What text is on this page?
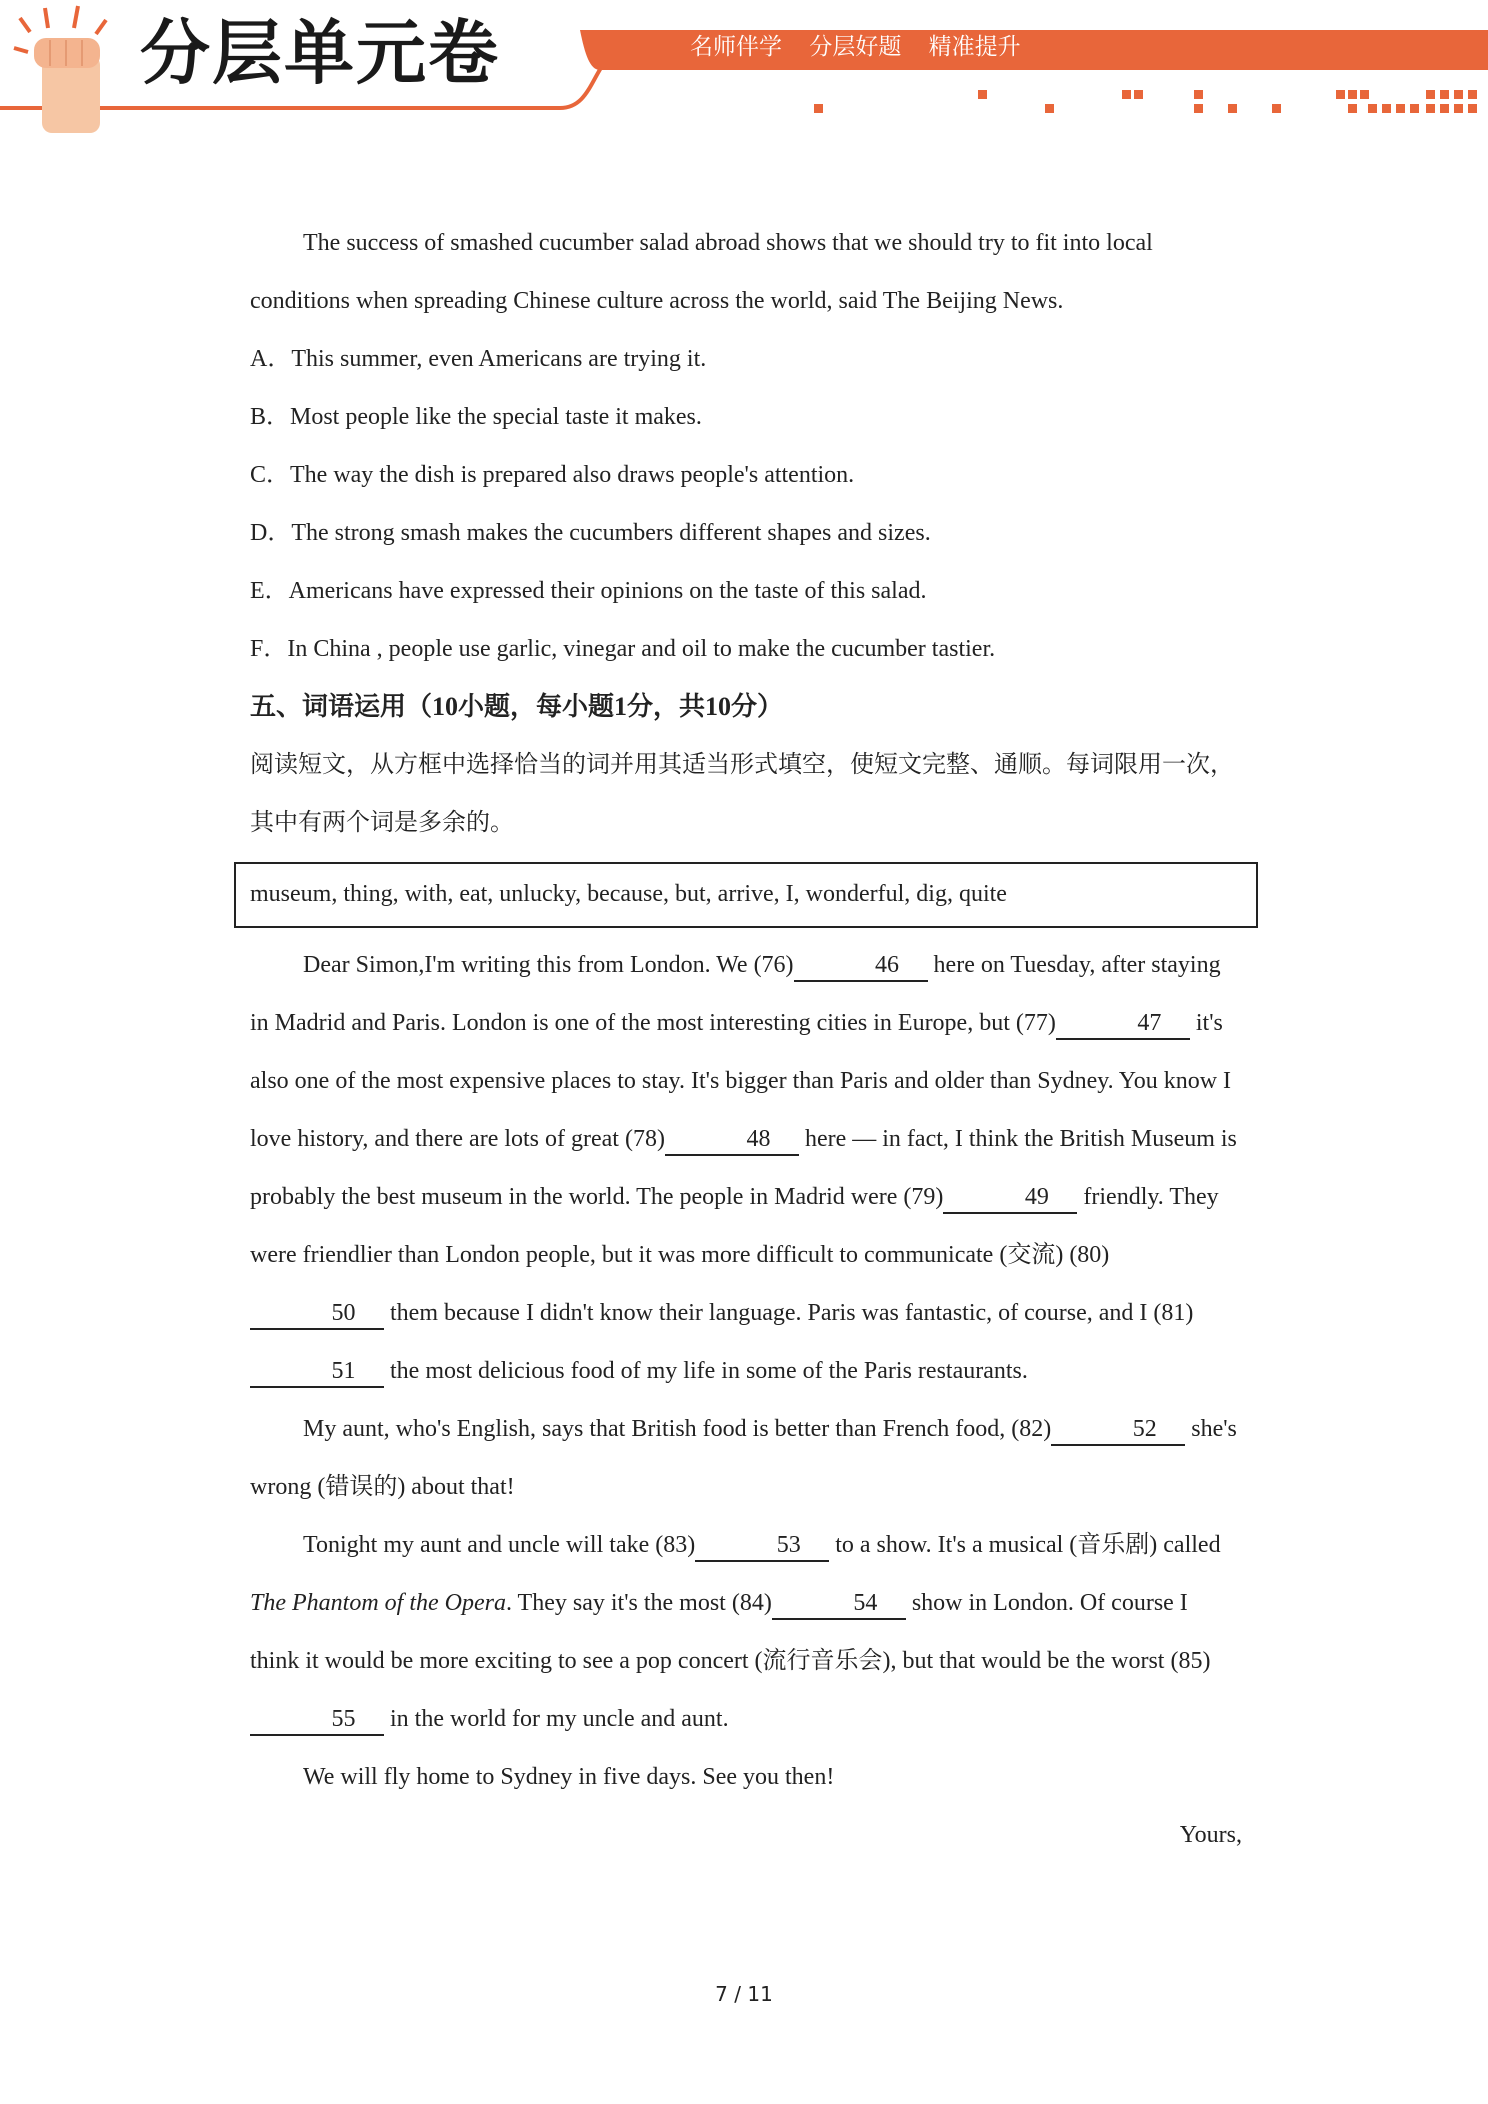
分层单元卷	名师伴学 分层好题 精准提升

The success of smashed cucumber salad abroad shows that we should try to fit into local conditions when spreading Chinese culture across the world, said The Beijing News.

A．This summer, even Americans are trying it.

B．Most people like the special taste it makes.

C．The way the dish is prepared also draws people's attention.

D．The strong smash makes the cucumbers different shapes and sizes.

E．Americans have expressed their opinions on the taste of this salad.

F．In China , people use garlic, vinegar and oil to make the cucumber tastier.

五、词语运用（10小题，每小题1分，共10分）

阅读短文，从方框中选择恰当的词并用其适当形式填空，使短文完整、通顺。每词限用一次，其中有两个词是多余的。

museum, thing, with, eat, unlucky, because, but, arrive, I, wonderful, dig, quite

Dear Simon,I'm writing this from London. We (76)	46 here on Tuesday, after staying in Madrid and Paris. London is one of the most interesting cities in Europe, but (77)	47 it's also one of the most expensive places to stay. It's bigger than Paris and older than Sydney. You know I love history, and there are lots of great (78)	48 here — in fact, I think the British Museum is probably the best museum in the world. The people in Madrid were (79)	49 friendly. They were friendlier than London people, but it was more difficult to communicate (交流) (80)50 them because I didn't know their language. Paris was fantastic, of course, and I (81)51 the most delicious food of my life in some of the Paris restaurants.

My aunt, who's English, says that British food is better than French food, (82)	52 she's wrong (错误的) about that!

Tonight my aunt and uncle will take (83)	53 to a show. It's a musical (音乐剧) called The Phantom of the Opera. They say it's the most (84)	54 show in London. Of course I think it would be more exciting to see a pop concert (流行音乐会), but that would be the worst (85)55 in the world for my uncle and aunt.

We will fly home to Sydney in five days. See you then!

Yours,

7 / 11
